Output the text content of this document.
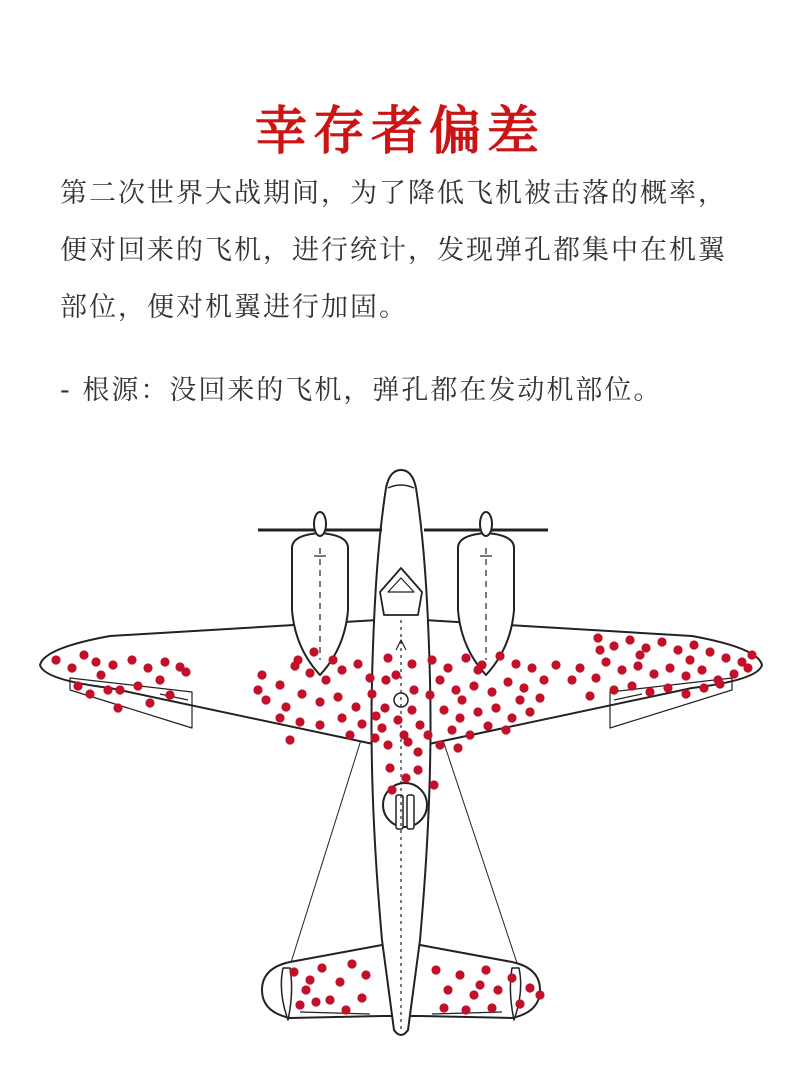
幸存者偏差
第二次世界大战期间，为了降低飞机被击落的概率，
便对回来的飞机，进行统计，发现弹孔都集中在机翼
部位，便对机翼进行加固。

- 根源：没回来的飞机，弹孔都在发动机部位。
